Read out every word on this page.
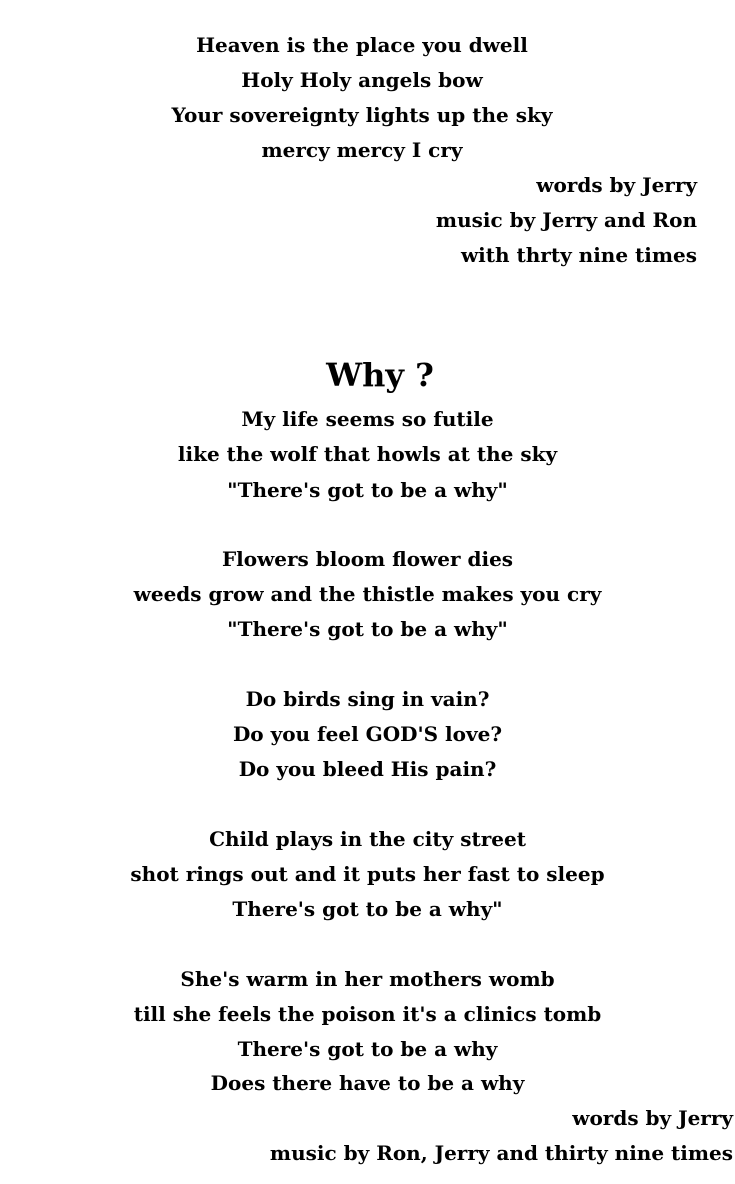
Heaven is the place you dwell
Holy Holy angels bow
Your sovereignty lights up the sky
mercy mercy I cry
words by Jerry
music by Jerry and Ron
with thrty nine times
Why ?
My life seems so futile
like the wolf that howls at the sky
"There's got to be a why"
Flowers bloom flower dies
weeds grow and the thistle makes you cry
"There's got to be a why"
Do birds sing in vain?
Do you feel GOD'S love?
Do you bleed His pain?
Child plays in the city street
shot rings out and it puts her fast to sleep
There's got to be a why"
She's warm in her mothers womb
till she feels the poison it's a clinics tomb
There's got to be a why
Does there have to be a why
words by Jerry
music by Ron, Jerry and thirty nine times
